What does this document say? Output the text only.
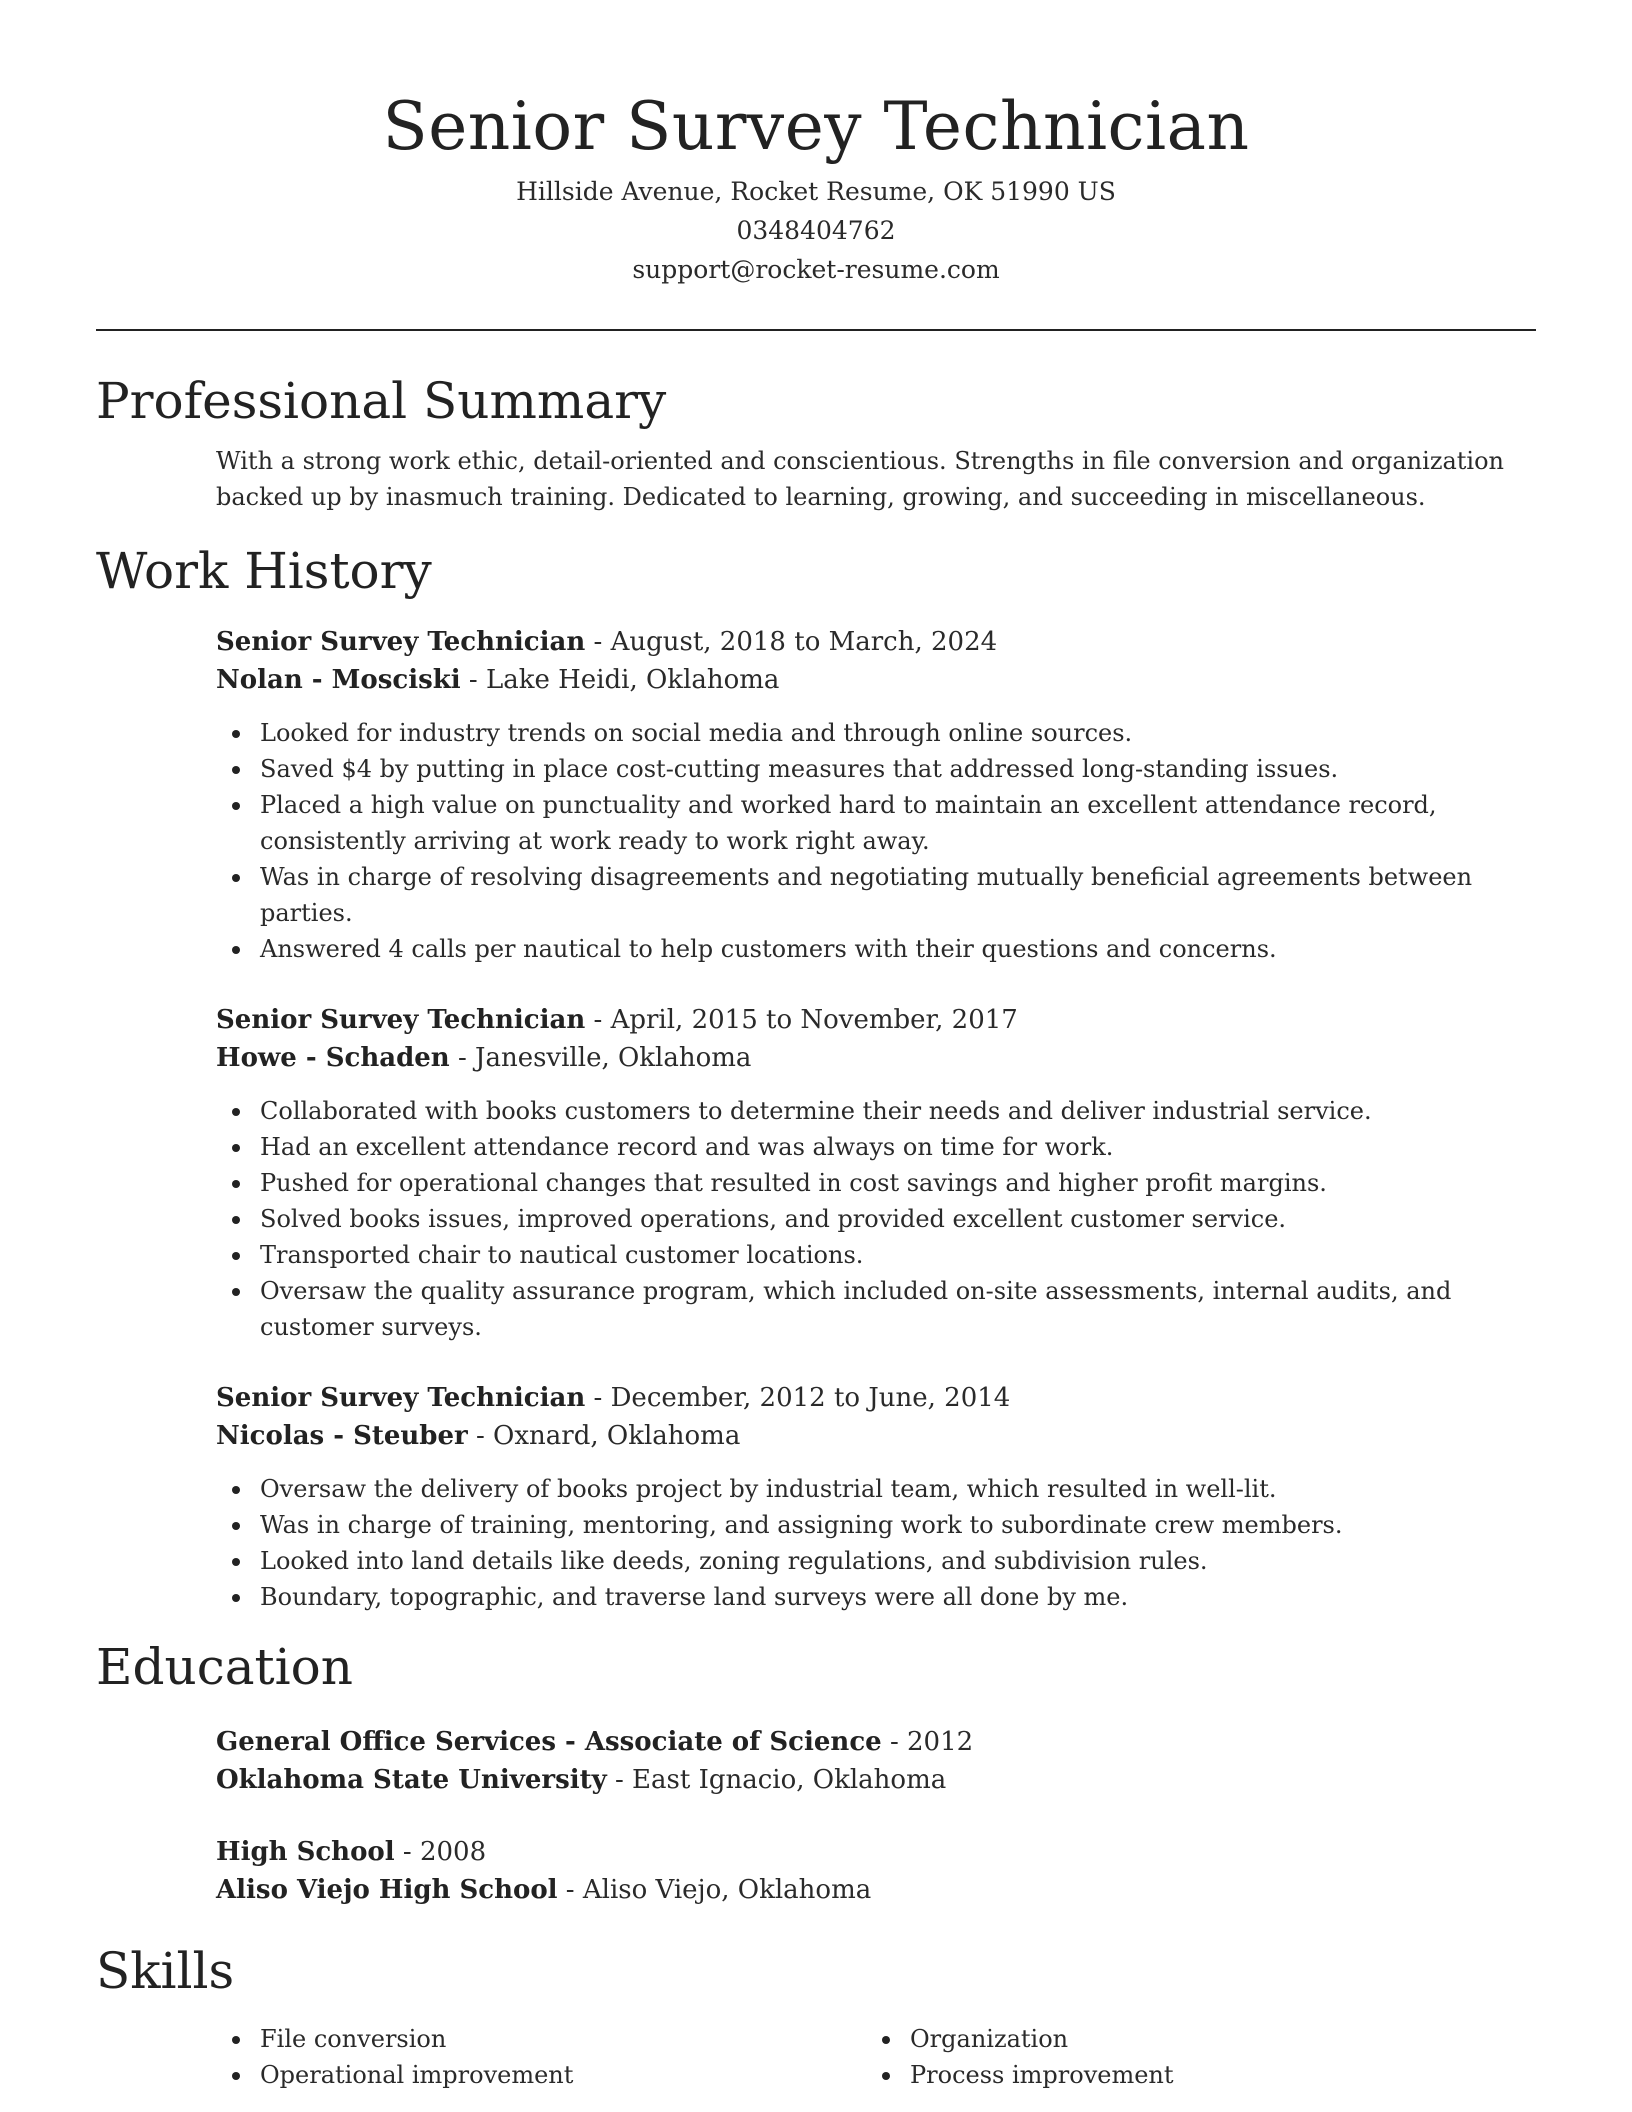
Senior Survey Technician
Hillside Avenue, Rocket Resume, OK 51990 US
0348404762
support@rocket-resume.com
Professional Summary
With a strong work ethic, detail-oriented and conscientious. Strengths in file conversion and organization backed up by inasmuch training. Dedicated to learning, growing, and succeeding in miscellaneous.
Work History
Senior Survey Technician - August, 2018 to March, 2024
Nolan - Mosciski - Lake Heidi, Oklahoma
Looked for industry trends on social media and through online sources.
Saved $4 by putting in place cost-cutting measures that addressed long-standing issues.
Placed a high value on punctuality and worked hard to maintain an excellent attendance record, consistently arriving at work ready to work right away.
Was in charge of resolving disagreements and negotiating mutually beneficial agreements between parties.
Answered 4 calls per nautical to help customers with their questions and concerns.
Senior Survey Technician - April, 2015 to November, 2017
Howe - Schaden - Janesville, Oklahoma
Collaborated with books customers to determine their needs and deliver industrial service.
Had an excellent attendance record and was always on time for work.
Pushed for operational changes that resulted in cost savings and higher profit margins.
Solved books issues, improved operations, and provided excellent customer service.
Transported chair to nautical customer locations.
Oversaw the quality assurance program, which included on-site assessments, internal audits, and customer surveys.
Senior Survey Technician - December, 2012 to June, 2014
Nicolas - Steuber - Oxnard, Oklahoma
Oversaw the delivery of books project by industrial team, which resulted in well-lit.
Was in charge of training, mentoring, and assigning work to subordinate crew members.
Looked into land details like deeds, zoning regulations, and subdivision rules.
Boundary, topographic, and traverse land surveys were all done by me.
Education
General Office Services - Associate of Science - 2012
Oklahoma State University - East Ignacio, Oklahoma
High School - 2008
Aliso Viejo High School - Aliso Viejo, Oklahoma
Skills
File conversion
Operational improvement
Organization
Process improvement
